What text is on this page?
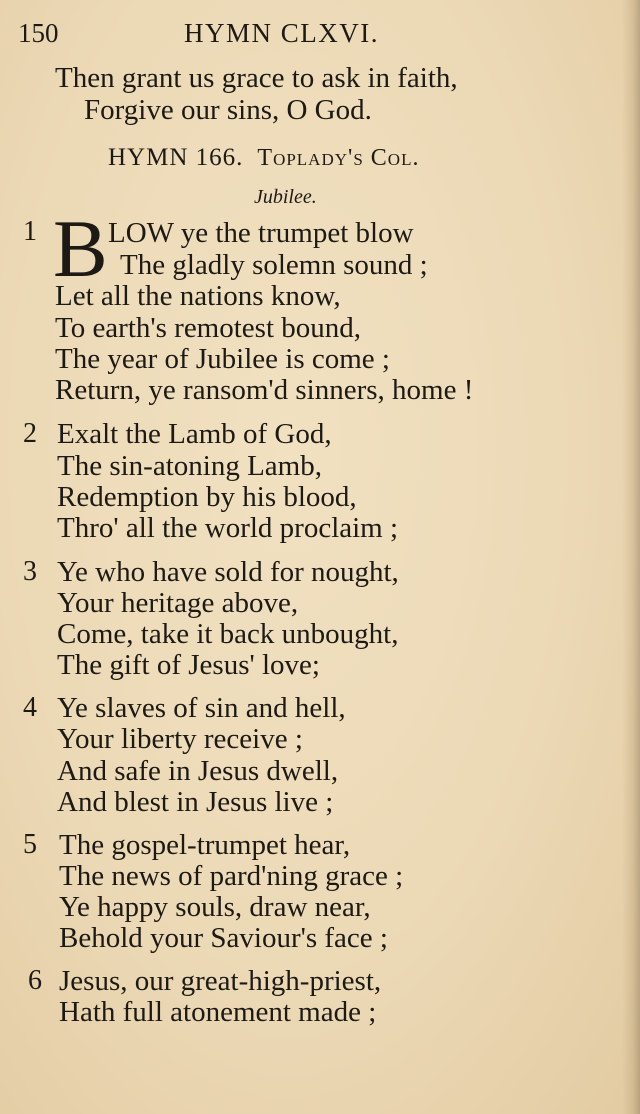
150	HYMN CLXVI.
Then grant us grace to ask in faith,
Forgive our sins, O God.
HYMN 166. Toplady's Col.
Jubilee.
1 B LOW ye the trumpet blow
The gladly solemn sound ;
Let all the nations know,
To earth's remotest bound,
The year of Jubilee is come ;
Return, ye ransom'd sinners, home !
2 Exalt the Lamb of God,
The sin-atoning Lamb,
Redemption by his blood,
Thro' all the world proclaim ;
3 Ye who have sold for nought,
Your heritage above,
Come, take it back unbought,
The gift of Jesus' love;
4 Ye slaves of sin and hell,
Your liberty receive ;
And safe in Jesus dwell,
And blest in Jesus live ;
5 The gospel-trumpet hear,
The news of pard'ning grace ;
Ye happy souls, draw near,
Behold your Saviour's face ;
6 Jesus, our great-high-priest,
Hath full atonement made ;
